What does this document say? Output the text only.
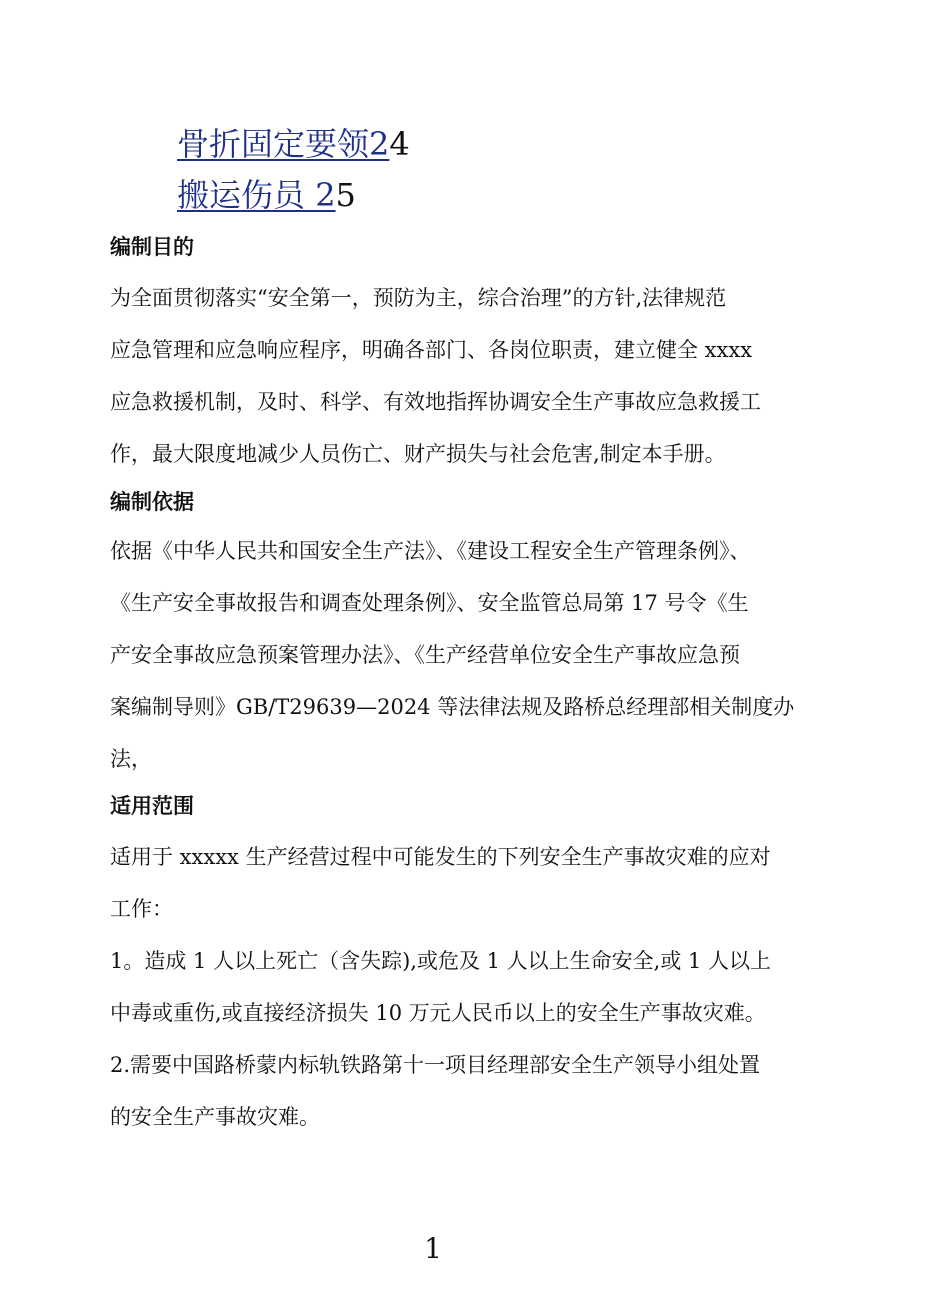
骨折固定要领24
搬运伤员 25
编制目的
为全面贯彻落实“安全第一，预防为主，综合治理”的方针,法律规范
应急管理和应急响应程序，明确各部门、各岗位职责，建立健全 xxxx
应急救援机制，及时、科学、有效地指挥协调安全生产事故应急救援工
作，最大限度地减少人员伤亡、财产损失与社会危害,制定本手册。
编制依据
依据《中华人民共和国安全生产法》、《建设工程安全生产管理条例》、
《生产安全事故报告和调查处理条例》、安全监管总局第 17 号令《生
产安全事故应急预案管理办法》、《生产经营单位安全生产事故应急预
案编制导则》GB/T29639—2024 等法律法规及路桥总经理部相关制度办
法，
适用范围
适用于 xxxxx 生产经营过程中可能发生的下列安全生产事故灾难的应对
工作：
1。造成 1 人以上死亡（含失踪),或危及 1 人以上生命安全,或 1 人以上
中毒或重伤,或直接经济损失 10 万元人民币以上的安全生产事故灾难。
2.需要中国路桥蒙内标轨铁路第十一项目经理部安全生产领导小组处置
的安全生产事故灾难。
1
